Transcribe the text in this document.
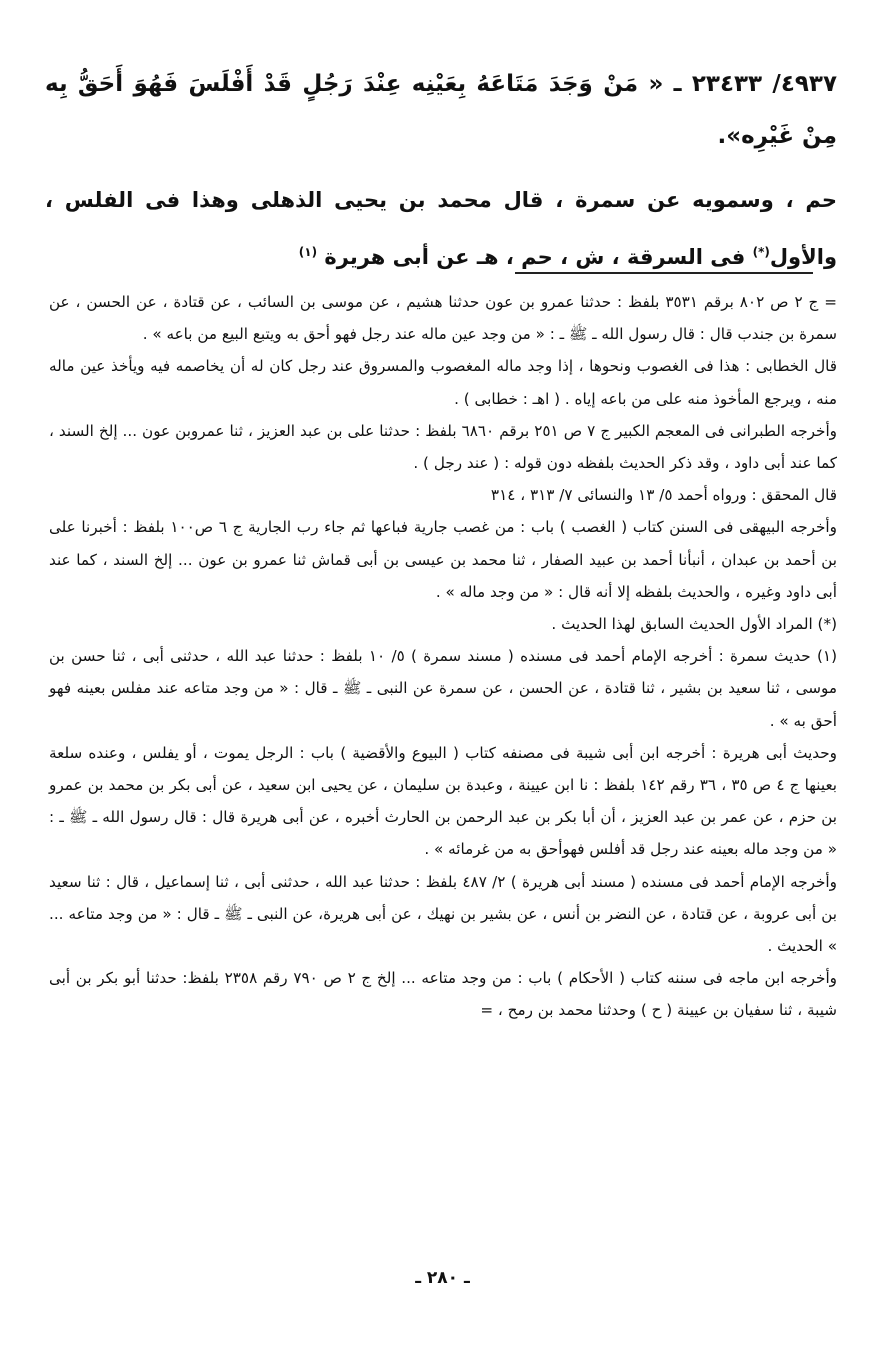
٤٩٣٧/ ٢٣٤٣٣ ـ « مَنْ وَجَدَ مَتَاعَهُ بِعَيْنِه عِنْدَ رَجُلٍ قَدْ أَفْلَسَ فَهُوَ أَحَقُّ بِه مِنْ غَيْرِه».

حم ، وسمويه عن سمرة ، قال محمد بن يحيى الذهلى وهذا فى الفلس ، والأول(*) فى السرقة ، ش ، حم ، هـ عن أبى هريرة $^{(١)}$

= ج ٢ ص ٨٠٢ برقم ٣٥٣١ بلفظ : حدثنا عمرو بن عون حدثنا هشيم ، عن موسى بن السائب ، عن قتادة ، عن الحسن ، عن سمرة بن جندب قال : قال رسول الله ـ ﷺ ـ : « من وجد عين ماله عند رجل فهو أحق به ويتبع البيع من باعه » .

قال الخطابى : هذا فى الغصوب ونحوها ، إذا وجد ماله المغصوب والمسروق عند رجل كان له أن يخاصمه فيه ويأخذ عين ماله منه ، ويرجع المأخوذ منه على من باعه إياه . ( اهـ : خطابى ) .

وأخرجه الطبرانى فى المعجم الكبير ج ٧ ص ٢٥١ برقم ٦٨٦٠ بلفظ : حدثنا على بن عبد العزيز ، ثنا عمروبن عون ... إلخ السند ، كما عند أبى داود ، وقد ذكر الحديث بلفظه دون قوله : ( عند رجل ) .

قال المحقق : ورواه أحمد ٥/ ١٣ والنسائى ٧/ ٣١٣ ، ٣١٤

وأخرجه البيهقى فى السنن كتاب ( الغصب ) باب : من غصب جارية فباعها ثم جاء رب الجارية ج ٦ ص١٠٠ بلفظ : أخبرنا على بن أحمد بن عبدان ، أنبأنا أحمد بن عبيد الصفار ، ثنا محمد بن عيسى بن أبى قماش ثنا عمرو بن عون ... إلخ السند ، كما عند أبى داود وغيره ، والحديث بلفظه إلا أنه قال : « من وجد ماله » .

(*) المراد الأول الحديث السابق لهذا الحديث .

(١) حديث سمرة : أخرجه الإمام أحمد فى مسنده ( مسند سمرة ) ٥/ ١٠ بلفظ : حدثنا عبد الله ، حدثنى أبى ، ثنا حسن بن موسى ، ثنا سعيد بن بشير ، ثنا قتادة ، عن الحسن ، عن سمرة عن النبى ـ ﷺ ـ قال : « من وجد متاعه عند مفلس بعينه فهو أحق به » .

وحديث أبى هريرة : أخرجه ابن أبى شيبة فى مصنفه كتاب ( البيوع والأقضية ) باب : الرجل يموت ، أو يفلس ، وعنده سلعة بعينها ج ٤ ص ٣٥ ، ٣٦ رقم ١٤٢ بلفظ : نا ابن عيينة ، وعبدة بن سليمان ، عن يحيى ابن سعيد ، عن أبى بكر بن محمد بن عمرو بن حزم ، عن عمر بن عبد العزيز ، أن أبا بكر بن عبد الرحمن بن الحارث أخبره ، عن أبى هريرة قال : قال رسول الله ـ ﷺ ـ : « من وجد ماله بعينه عند رجل قد أفلس فهوأحق به من غرمائه » .

وأخرجه الإمام أحمد فى مسنده ( مسند أبى هريرة ) ٢/ ٤٨٧ بلفظ : حدثنا عبد الله ، حدثنى أبى ، ثنا إسماعيل ، قال : ثنا سعيد بن أبى عروبة ، عن قتادة ، عن النضر بن أنس ، عن بشير بن نهيك ، عن أبى هريرة، عن النبى ـ ﷺ ـ قال : « من وجد متاعه ... » الحديث .

وأخرجه ابن ماجه فى سننه كتاب ( الأحكام ) باب : من وجد متاعه ... إلخ ج ٢ ص ٧٩٠ رقم ٢٣٥٨ بلفظ: حدثنا أبو بكر بن أبى شيبة ، ثنا سفيان بن عيينة ( ح ) وحدثنا محمد بن رمح ، =

ـ ٢٨٠ ـ
